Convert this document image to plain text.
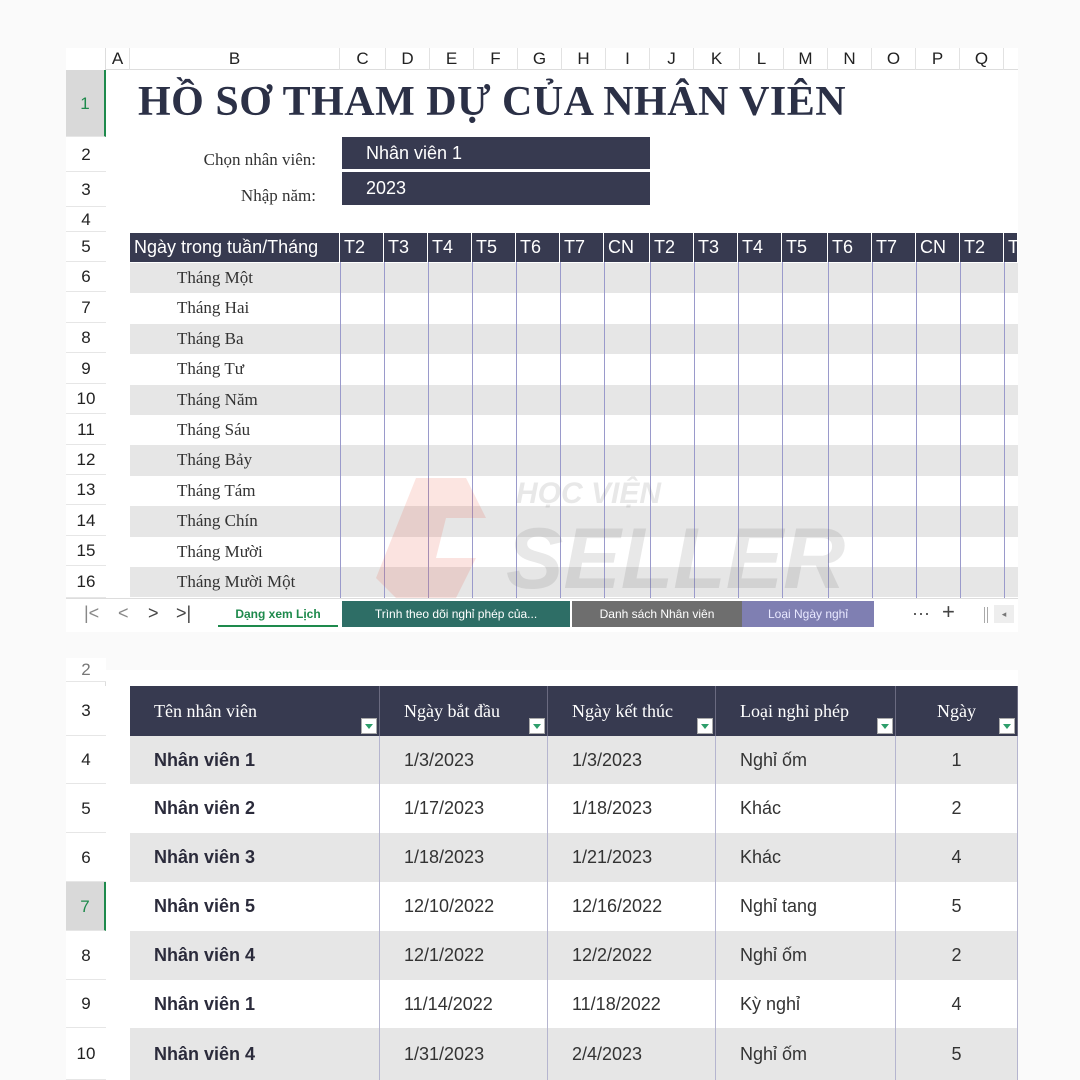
A	B	C	D	E	F	G	H	I	J	K	L	M	N	O	P	Q
1
2
3
4
5
6
7
8
9
10
11
12
13
14
15
16
HỒ SƠ THAM DỰ CỦA NHÂN VIÊN
Chọn nhân viên:	Nhân viên 1
Nhập năm:	2023
Ngày trong tuần/Tháng	T2	T3	T4	T5	T6	T7	CN	T2	T3	T4	T5	T6	T7	CN	T2	T
Tháng Một
Tháng Hai
Tháng Ba
Tháng Tư
Tháng Năm
Tháng Sáu
Tháng Bảy
Tháng Tám
Tháng Chín
Tháng Mười
Tháng Mười Một
|< < > >|	Dạng xem Lịch	Trình theo dõi nghỉ phép của...	Danh sách Nhân viên	Loại Ngày nghỉ	··· +	◂
2
3
4
5
6
7
8
9
10
Tên nhân viên	Ngày bắt đầu	Ngày kết thúc	Loại nghỉ phép	Ngày
Nhân viên 1	1/3/2023	1/3/2023	Nghỉ ốm	1
Nhân viên 2	1/17/2023	1/18/2023	Khác	2
Nhân viên 3	1/18/2023	1/21/2023	Khác	4
Nhân viên 5	12/10/2022	12/16/2022	Nghỉ tang	5
Nhân viên 4	12/1/2022	12/2/2022	Nghỉ ốm	2
Nhân viên 1	11/14/2022	11/18/2022	Kỳ nghỉ	4
Nhân viên 4	1/31/2023	2/4/2023	Nghỉ ốm	5
